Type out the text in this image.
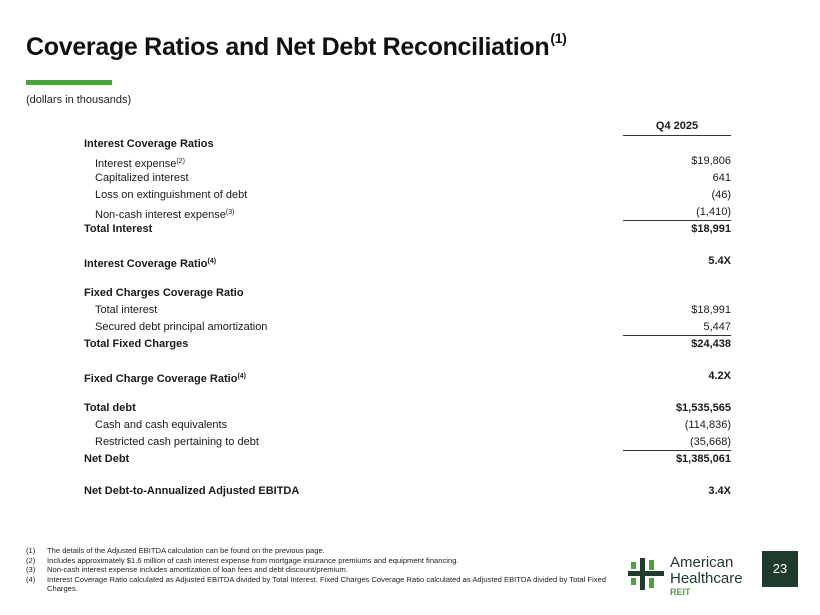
Coverage Ratios and Net Debt Reconciliation$^{(1)}$
(dollars in thousands)
Q4 2025
Interest Coverage Ratios
Interest expense$^{(2)}$	$19,806
Capitalized interest	641
Loss on extinguishment of debt	(46)
Non-cash interest expense$^{(3)}$	(1,410)
Total Interest	$18,991
Interest Coverage Ratio$^{(4)}$	5.4X
Fixed Charges Coverage Ratio
Total interest	$18,991
Secured debt principal amortization	5,447
Total Fixed Charges	$24,438
Fixed Charge Coverage Ratio$^{(4)}$	4.2X
Total debt	$1,535,565
Cash and cash equivalents	(114,836)
Restricted cash pertaining to debt	(35,668)
Net Debt	$1,385,061
Net Debt-to-Annualized Adjusted EBITDA	3.4X
(1)	The details of the Adjusted EBITDA calculation can be found on the previous page.
(2)	Includes approximately $1.6 million of cash interest expense from mortgage insurance premiums and equipment financing.
(3)	Non-cash interest expense includes amortization of loan fees and debt discount/premium.
(4)	Interest Coverage Ratio calculated as Adjusted EBITDA divided by Total Interest. Fixed Charges Coverage Ratio calculated as Adjusted EBITDA divided by Total Fixed Charges.
American
Healthcare
REIT
23
